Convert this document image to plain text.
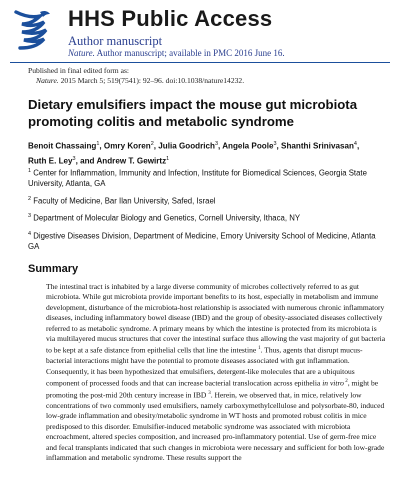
HHS Public Access
Author manuscript
Nature. Author manuscript; available in PMC 2016 June 16.
Published in final edited form as:
Nature. 2015 March 5; 519(7541): 92–96. doi:10.1038/nature14232.
Dietary emulsifiers impact the mouse gut microbiota promoting colitis and metabolic syndrome
Benoit Chassaing$^1$, Omry Koren$^2$, Julia Goodrich$^3$, Angela Poole$^3$, Shanthi Srinivasan$^4$,
Ruth E. Ley$^3$, and Andrew T. Gewirtz$^1$
$^1$ Center for Inflammation, Immunity and Infection, Institute for Biomedical Sciences, Georgia State University, Atlanta, GA
$^2$ Faculty of Medicine, Bar Ilan University, Safed, Israel
$^3$ Department of Molecular Biology and Genetics, Cornell University, Ithaca, NY
$^4$ Digestive Diseases Division, Department of Medicine, Emory University School of Medicine, Atlanta GA
Summary

The intestinal tract is inhabited by a large diverse community of microbes collectively referred to as gut microbiota. While gut microbiota provide important benefits to its host, especially in metabolism and immune development, disturbance of the microbiota-host relationship is associated with numerous chronic inflammatory diseases, including inflammatory bowel disease (IBD) and the group of obesity-associated diseases collectively referred to as metabolic syndrome. A primary means by which the intestine is protected from its microbiota is via multilayered mucus structures that cover the intestinal surface thus allowing the vast majority of gut bacteria to be kept at a safe distance from epithelial cells that line the intestine $^1$. Thus, agents that disrupt mucus-bacterial interactions might have the potential to promote diseases associated with gut inflammation. Consequently, it has been hypothesized that emulsifiers, detergent-like molecules that are a ubiquitous component of processed foods and that can increase bacterial translocation across epithelia in vitro $^2$, might be promoting the post-mid 20th century increase in IBD $^3$. Herein, we observed that, in mice, relatively low concentrations of two commonly used emulsifiers, namely carboxymethylcellulose and polysorbate-80, induced low-grade inflammation and obesity/metabolic syndrome in WT hosts and promoted robust colitis in mice predisposed to this disorder. Emulsifier-induced metabolic syndrome was associated with microbiota encroachment, altered species composition, and increased pro-inflammatory potential. Use of germ-free mice and fecal transplants indicated that such changes in microbiota were necessary and sufficient for both low-grade inflammation and metabolic syndrome. These results support the
